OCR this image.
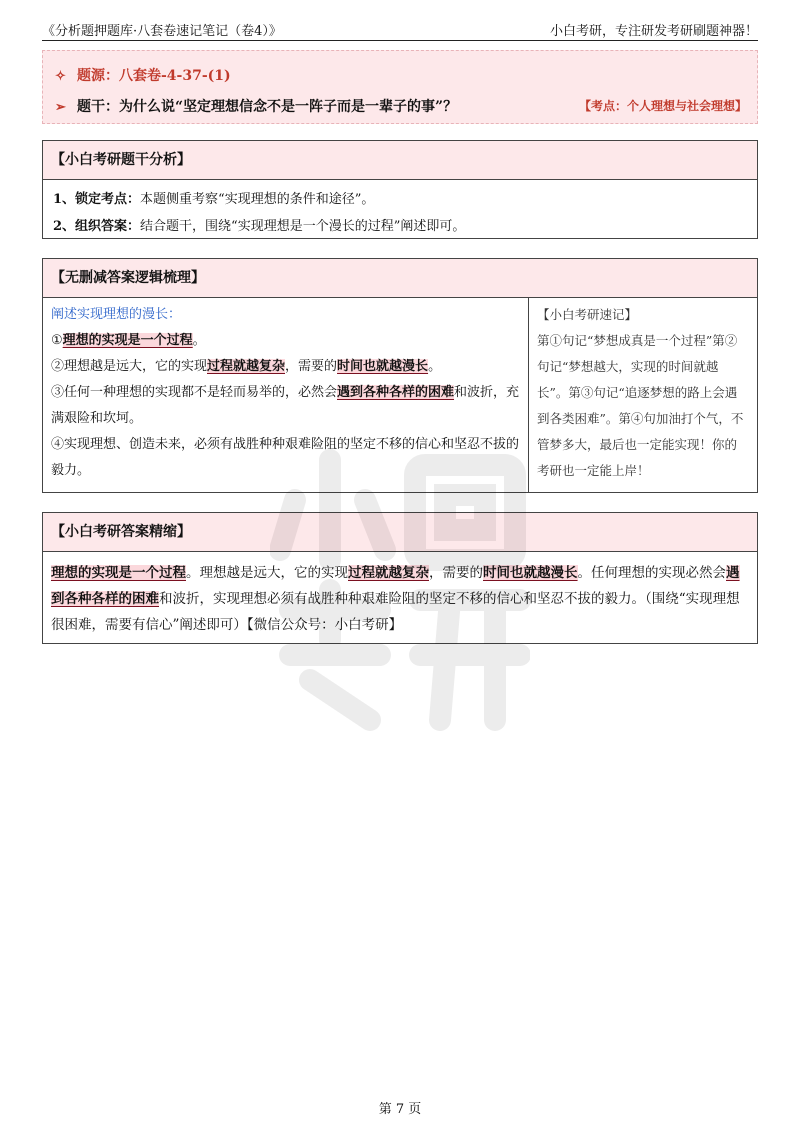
《分析题押题库·八套卷速记笔记（卷4）》	小白考研，专注研发考研刷题神器！
✧ 题源：八套卷-4-37-(1)
➢ 题干：为什么说“坚定理想信念不是一阵子而是一辈子的事”？	【考点：个人理想与社会理想】
【小白考研题干分析】
1、锁定考点：本题侧重考察“实现理想的条件和途径”。
2、组织答案：结合题干，围绕“实现理想是一个漫长的过程”阐述即可。
【无删减答案逻辑梳理】
阐述实现理想的漫长：
①理想的实现是一个过程。
②理想越是远大，它的实现过程就越复杂，需要的时间也就越漫长。
③任何一种理想的实现都不是轻而易举的，必然会遇到各种各样的困难和波折，充满艰险和坎坷。
④实现理想、创造未来，必须有战胜种种艰难险阻的坚定不移的信心和坚忍不拔的毅力。
【小白考研速记】
第①句记“梦想成真是一个过程”第②句记“梦想越大，实现的时间就越长”。第③句记“追逐梦想的路上会遇到各类困难”。第④句加油打个气，不管梦多大，最后也一定能实现！你的考研也一定能上岸！
【小白考研答案精缩】
理想的实现是一个过程。理想越是远大，它的实现过程就越复杂，需要的时间也就越漫长。任何理想的实现必然会遇到各种各样的困难和波折，实现理想必须有战胜种种艰难险阻的坚定不移的信心和坚忍不拔的毅力。（围绕“实现理想很困难，需要有信心”阐述即可）【微信公众号：小白考研】
第 7 页
